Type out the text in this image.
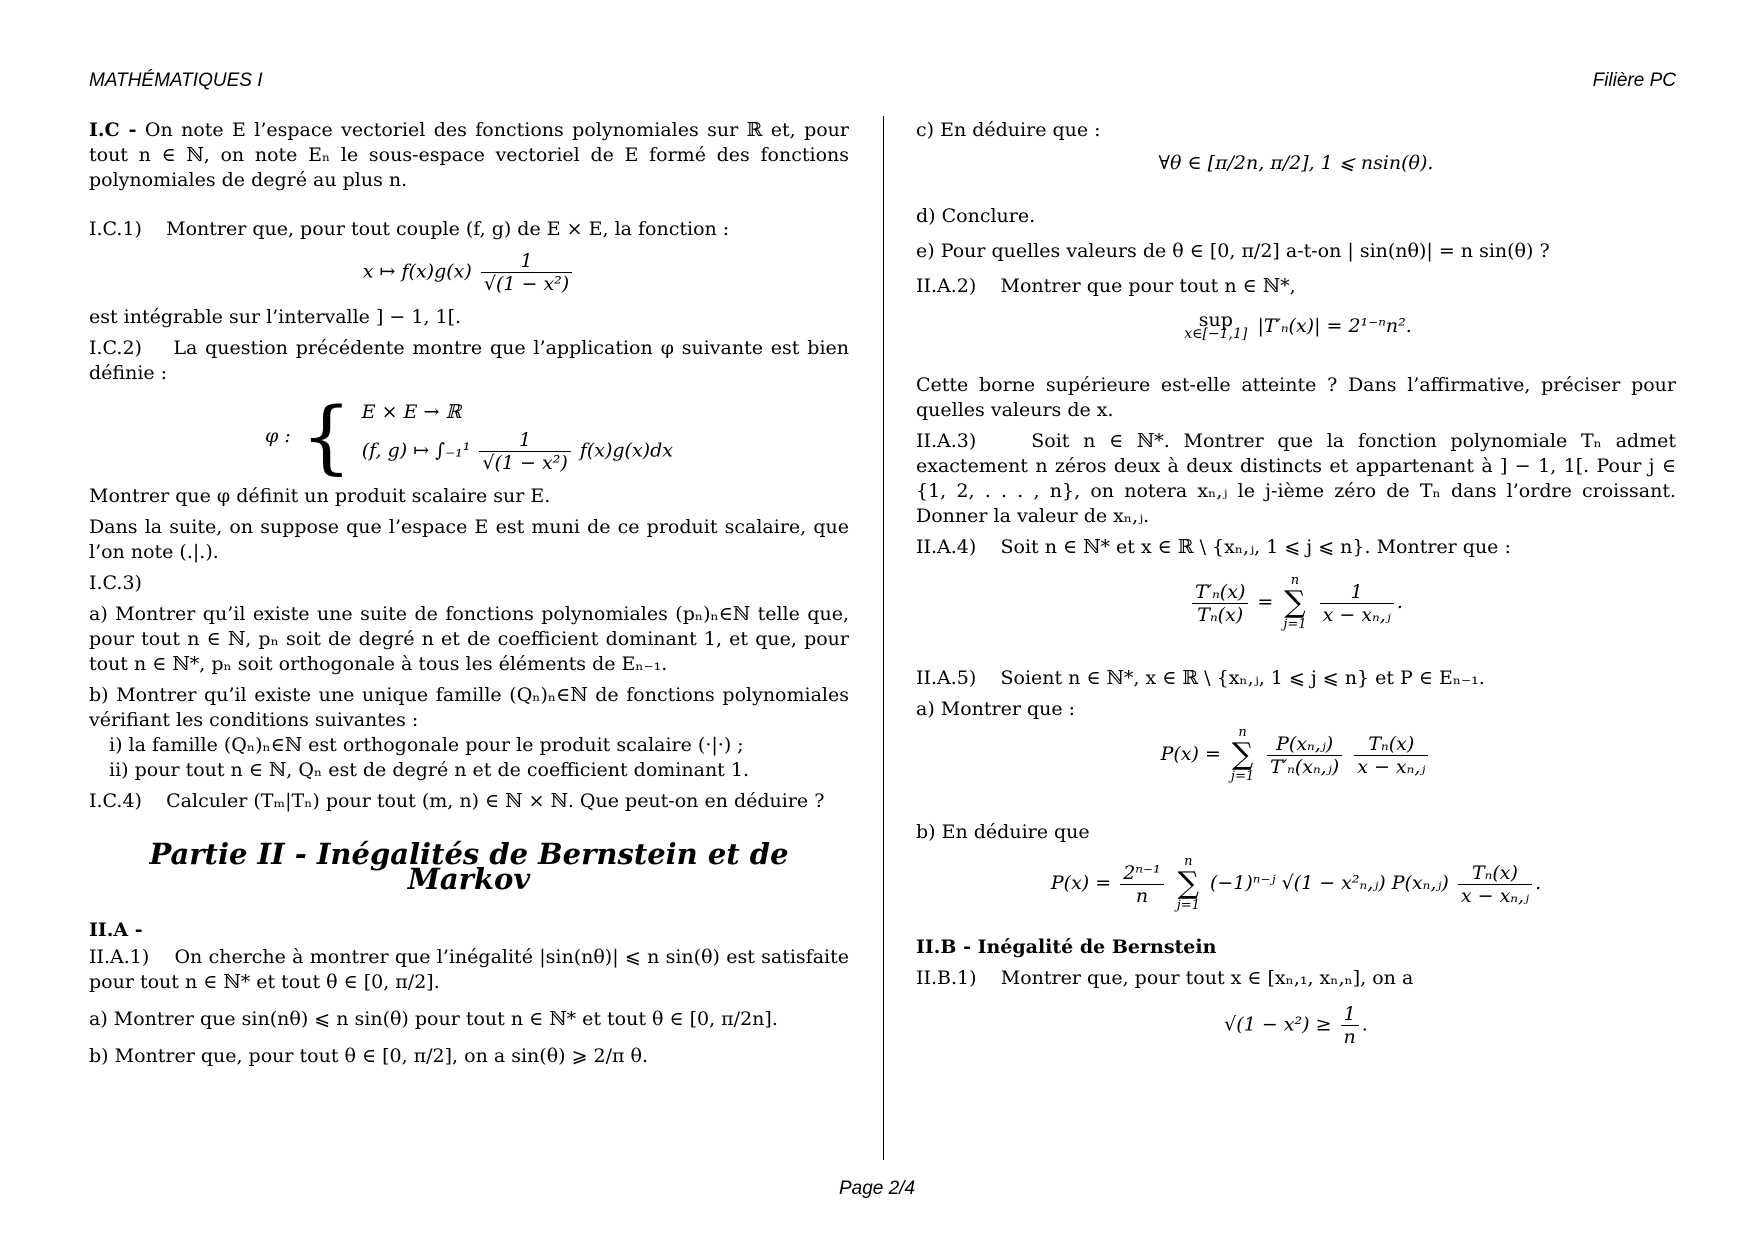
MATHÉMATIQUES I	Filière PC

I.C - On note E l’espace vectoriel des fonctions polynomiales sur ℝ et, pour tout n ∈ ℕ, on note Eₙ le sous-espace vectoriel de E formé des fonctions polynomiales de degré au plus n.

I.C.1) Montrer que, pour tout couple (f, g) de E × E, la fonction :

x ↦ $f(x)g(x) \frac{1}{\text{√(1 − x²)}}$

est intégrable sur l’intervalle ] − 1, 1[.

I.C.2) La question précédente montre que l’application φ suivante est bien définie :

φ : { E × E → ℝ
(f, g) ↦ $\int_{-1}^1 \frac{1}{\text{√(1 − x²)}} f(x)g(x)dx$

Montrer que φ définit un produit scalaire sur E.

Dans la suite, on suppose que l’espace E est muni de ce produit scalaire, que l’on note (.|.).

I.C.3)

a) Montrer qu’il existe une suite de fonctions polynomiales (pₙ)ₙ∈ℕ telle que, pour tout n ∈ ℕ, pₙ soit de degré n et de coefficient dominant 1, et que, pour tout n ∈ ℕ*, pₙ soit orthogonale à tous les éléments de Eₙ₋₁.

b) Montrer qu’il existe une unique famille (Qₙ)ₙ∈ℕ de fonctions polynomiales vérifiant les conditions suivantes :

i) la famille (Qₙ)ₙ∈ℕ est orthogonale pour le produit scalaire (·|·) ;

ii) pour tout n ∈ ℕ, Qₙ est de degré n et de coefficient dominant 1.

I.C.4) Calculer (Tₘ|Tₙ) pour tout (m, n) ∈ ℕ × ℕ. Que peut-on en déduire ?

Partie II - Inégalités de Bernstein et de Markov

II.A -

II.A.1) On cherche à montrer que l’inégalité |sin(nθ)| ⩽ n sin(θ) est satisfaite pour tout n ∈ ℕ* et tout θ ∈ [0, π/2].

a) Montrer que sin(nθ) ⩽ n sin(θ) pour tout n ∈ ℕ* et tout θ ∈ [0, π/2n].

b) Montrer que, pour tout θ ∈ [0, π/2], on a sin(θ) ⩾ 2/π θ.

c) En déduire que :

∀θ ∈ [π/2n, π/2], 1 ⩽ nsin(θ).

d) Conclure.

e) Pour quelles valeurs de θ ∈ [0, π/2] a-t-on | sin(nθ)| = n sin(θ) ?

II.A.2) Montrer que pour tout n ∈ ℕ*,

sup
x∈[−1,1] |T′ₙ(x)| = 2¹⁻ⁿn².

Cette borne supérieure est-elle atteinte ? Dans l’affirmative, préciser pour quelles valeurs de x.

II.A.3)	Soit n ∈ ℕ*. Montrer que la fonction polynomiale Tₙ admet exactement n zéros deux à deux distincts et appartenant à ] − 1, 1[. Pour j ∈ {1, 2, . . . , n}, on notera xₙ,ⱼ le j-ième zéro de Tₙ dans l’ordre croissant. Donner la valeur de xₙ,ⱼ.

II.A.4) Soit n ∈ ℕ* et x ∈ ℝ \ {xₙ,ⱼ, 1 ⩽ j ⩽ n}. Montrer que :

$\frac{\text{T′ₙ(x)}}{\text{Tₙ(x)}} = n$
∑
$j=1 \frac{1}{\text{x − xₙ,ⱼ}}$ .

II.A.5) Soient n ∈ ℕ*, x ∈ ℝ \ {xₙ,ⱼ, 1 ⩽ j ⩽ n} et P ∈ Eₙ₋₁.

a) Montrer que :

P(x) = n
∑
$j=1 \frac{\text{P(xₙ,ⱼ)}}{\text{T′ₙ(xₙ,ⱼ)}}$
$\frac{\text{Tₙ(x)}}{\text{x − xₙ,ⱼ}}$

b) En déduire que

$P(x) = \frac{\text{2ⁿ⁻¹}}{n}$ n
∑
j=1 (−1)ⁿ⁻ʲ √(1 − x²ₙ,ⱼ) P(xₙ,ⱼ) $\frac{\text{Tₙ(x)}}{\text{x − xₙ,ⱼ}}$ .

II.B - Inégalité de Bernstein

II.B.1) Montrer que, pour tout x ∈ [xₙ,₁, xₙ,ₙ], on a

$√(1 - x^2) \ge \frac{1}{n}$ .
Page 2/4
